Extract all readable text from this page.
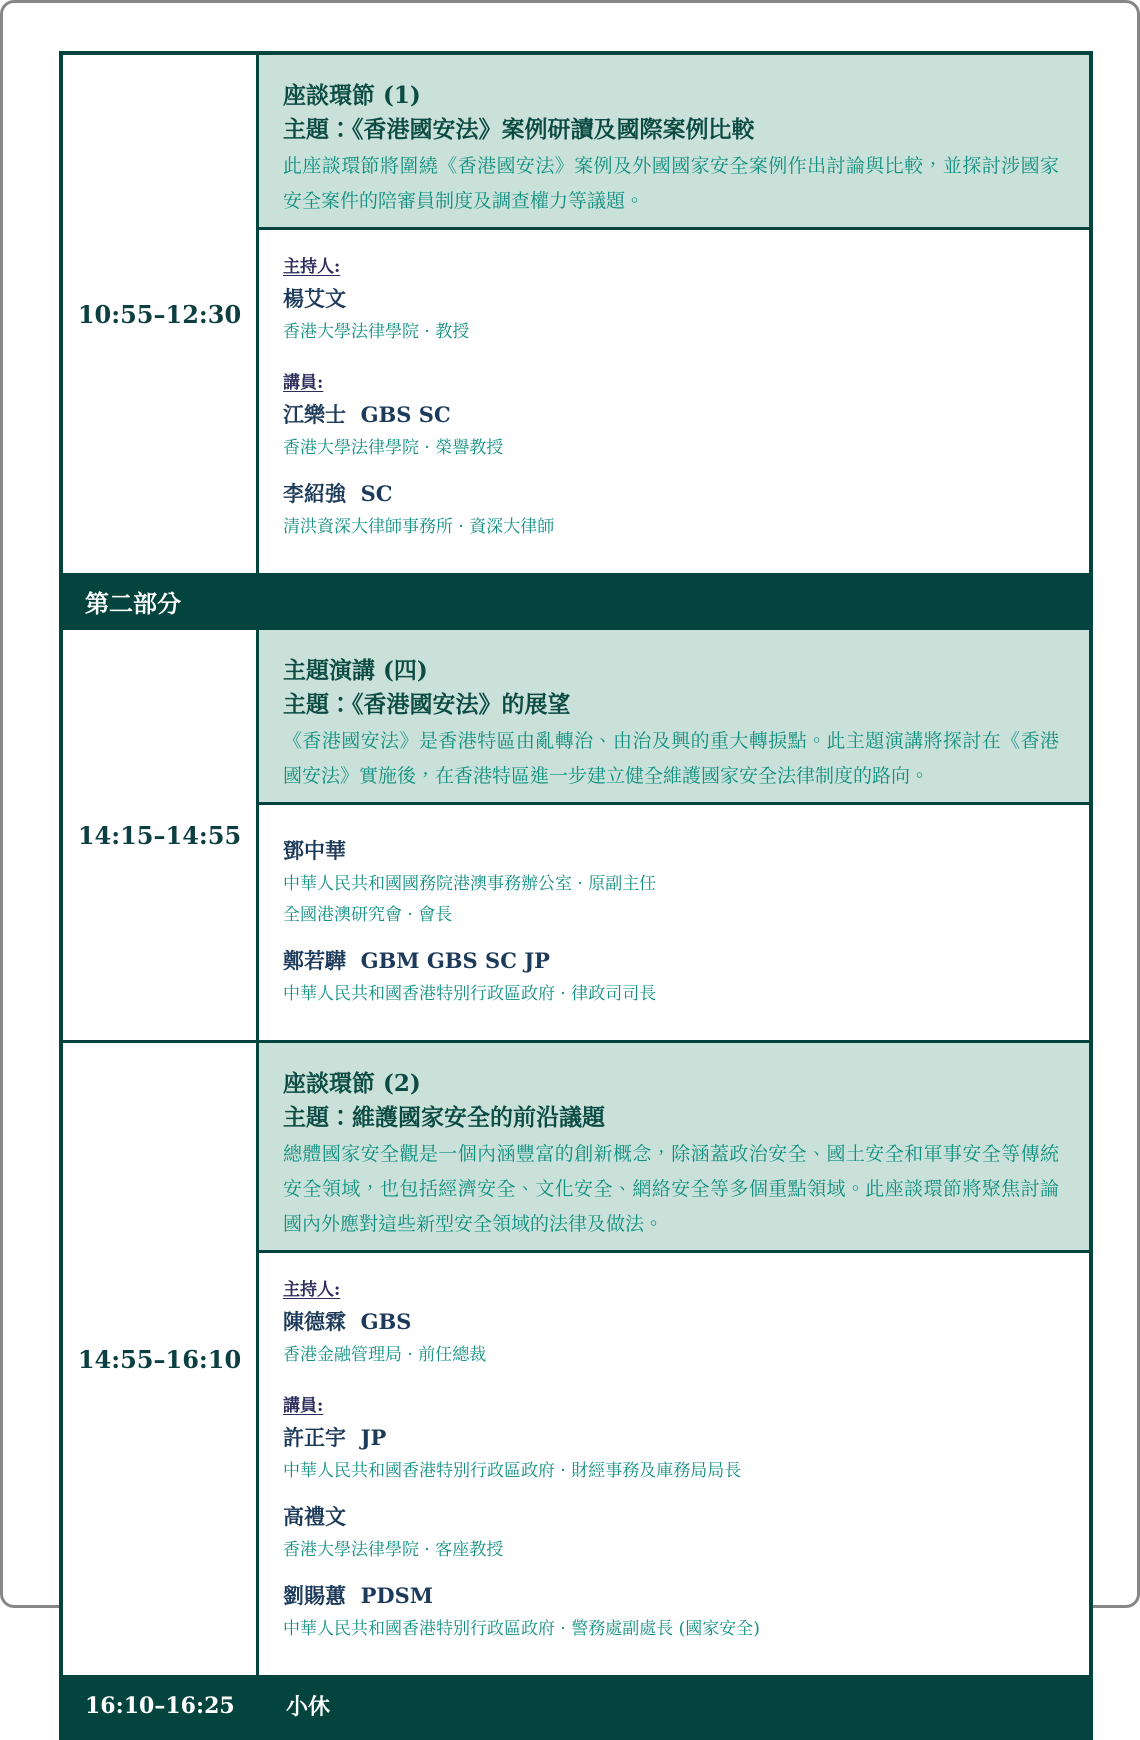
10:55–12:30
座談環節 (1)
主題：《香港國安法》案例研讀及國際案例比較

此座談環節將圍繞《香港國安法》案例及外國國家安全案例作出討論與比較，並探討涉國家安全案件的陪審員制度及調查權力等議題。

主持人:
楊艾文
香港大學法律學院 · 教授
講員:
江樂士  GBS SC
香港大學法律學院 · 榮譽教授
李紹強  SC
清洪資深大律師事務所 · 資深大律師
第二部分
14:15–14:55
主題演講 (四)
主題：《香港國安法》的展望

《香港國安法》是香港特區由亂轉治、由治及興的重大轉捩點。此主題演講將探討在《香港國安法》實施後，在香港特區進一步建立健全維護國家安全法律制度的路向。

鄧中華
中華人民共和國國務院港澳事務辦公室 · 原副主任
全國港澳研究會 · 會長
鄭若驊  GBM GBS SC JP
中華人民共和國香港特別行政區政府 · 律政司司長
14:55–16:10
座談環節 (2)
主題：維護國家安全的前沿議題

總體國家安全觀是一個內涵豐富的創新概念，除涵蓋政治安全、國土安全和軍事安全等傳統安全領域，也包括經濟安全、文化安全、網絡安全等多個重點領域。此座談環節將聚焦討論國內外應對這些新型安全領域的法律及做法。

主持人:
陳德霖  GBS
香港金融管理局 · 前任總裁
講員:
許正宇  JP
中華人民共和國香港特別行政區政府 · 財經事務及庫務局局長
高禮文
香港大學法律學院 · 客座教授
劉賜蕙  PDSM
中華人民共和國香港特別行政區政府 · 警務處副處長 (國家安全)
16:10–16:25	小休
